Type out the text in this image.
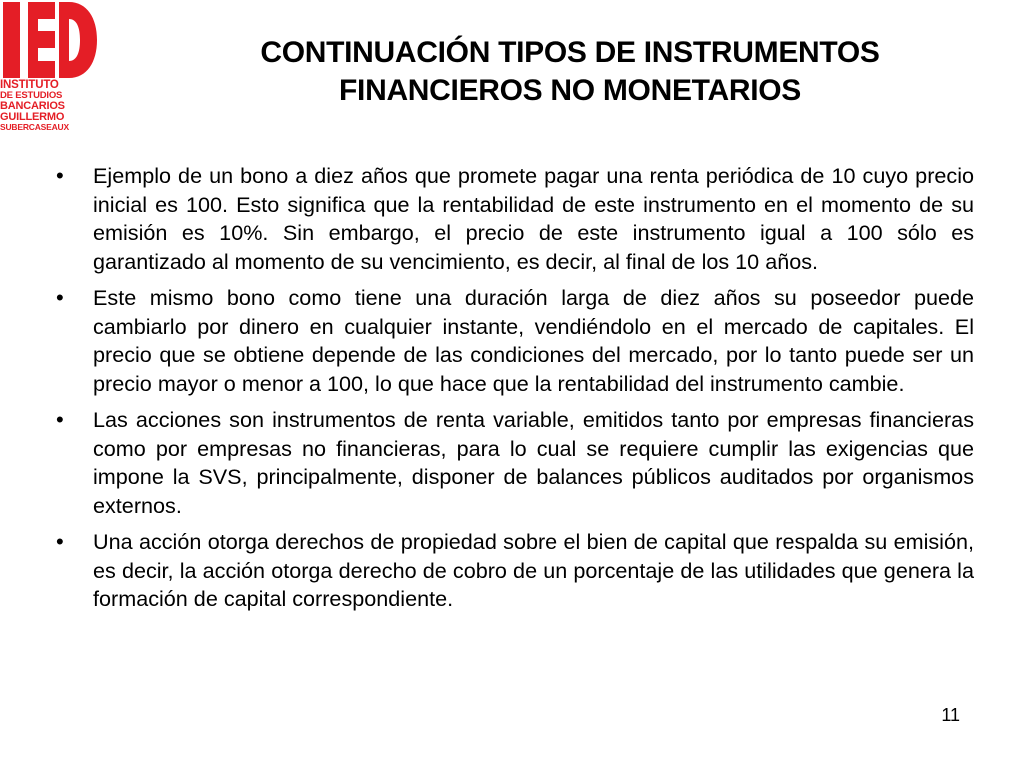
INSTITUTO
DE ESTUDIOS
BANCARIOS
GUILLERMO
SUBERCASEAUX
CONTINUACIÓN TIPOS DE INSTRUMENTOS
FINANCIEROS NO MONETARIOS
• Ejemplo de un bono a diez años que promete pagar una renta periódica de 10 cuyo precio inicial es 100. Esto significa que la rentabilidad de este instrumento en el momento de su emisión es 10%. Sin embargo, el precio de este instrumento igual a 100 sólo es garantizado al momento de su vencimiento, es decir, al final de los 10 años.
• Este mismo bono como tiene una duración larga de diez años su poseedor puede cambiarlo por dinero en cualquier instante, vendiéndolo en el mercado de capitales. El precio que se obtiene depende de las condiciones del mercado, por lo tanto puede ser un precio mayor o menor a 100, lo que hace que la rentabilidad del instrumento cambie.
• Las acciones son instrumentos de renta variable, emitidos tanto por empresas financieras como por empresas no financieras, para lo cual se requiere cumplir las exigencias que impone la SVS, principalmente, disponer de balances públicos auditados por organismos externos.
• Una acción otorga derechos de propiedad sobre el bien de capital que respalda su emisión, es decir, la acción otorga derecho de cobro de un porcentaje de las utilidades que genera la formación de capital correspondiente.
11
